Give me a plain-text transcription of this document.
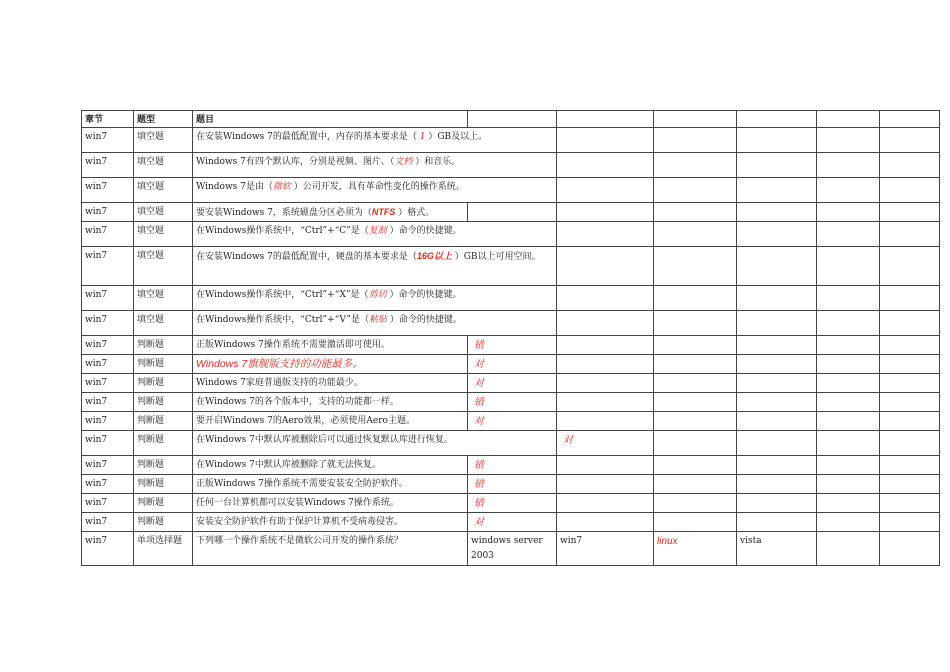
章节	题型	题目						
win7	填空题	在安装Windows 7的最低配置中，内存的基本要求是（ 1 ）GB及以上。						
win7	填空题	Windows 7有四个默认库，分别是视频、图片、（文档 ）和音乐。						
win7	填空题	Windows 7是由（微软 ）公司开发，具有革命性变化的操作系统。						
win7	填空题	要安装Windows 7，系统磁盘分区必须为（NTFS ）格式。						
win7	填空题	在Windows操作系统中，“Ctrl”+“C”是（复制 ）命令的快捷键。						
win7	填空题	在安装Windows 7的最低配置中，硬盘的基本要求是（16G以上 ）GB以上可用空间。						
win7	填空题	在Windows操作系统中，“Ctrl”+“X”是（剪切 ）命令的快捷键。						
win7	填空题	在Windows操作系统中，“Ctrl”+“V”是（粘贴 ）命令的快捷键。						
win7	判断题	正版Windows 7操作系统不需要激活即可使用。	错					
win7	判断题	Windows 7旗舰版支持的功能最多。	对					
win7	判断题	Windows 7家庭普通版支持的功能最少。	对					
win7	判断题	在Windows 7的各个版本中，支持的功能都一样。	错					
win7	判断题	要开启Windows 7的Aero效果，必须使用Aero主题。	对					
win7	判断题	在Windows 7中默认库被删除后可以通过恢复默认库进行恢复。		对				
win7	判断题	在Windows 7中默认库被删除了就无法恢复。	错					
win7	判断题	正版Windows 7操作系统不需要安装安全防护软件。	错					
win7	判断题	任何一台计算机都可以安装Windows 7操作系统。	错					
win7	判断题	安装安全防护软件有助于保护计算机不受病毒侵害。	对					
win7	单项选择题	下列哪一个操作系统不是微软公司开发的操作系统？	windows server 2003	win7	linux	vista		
